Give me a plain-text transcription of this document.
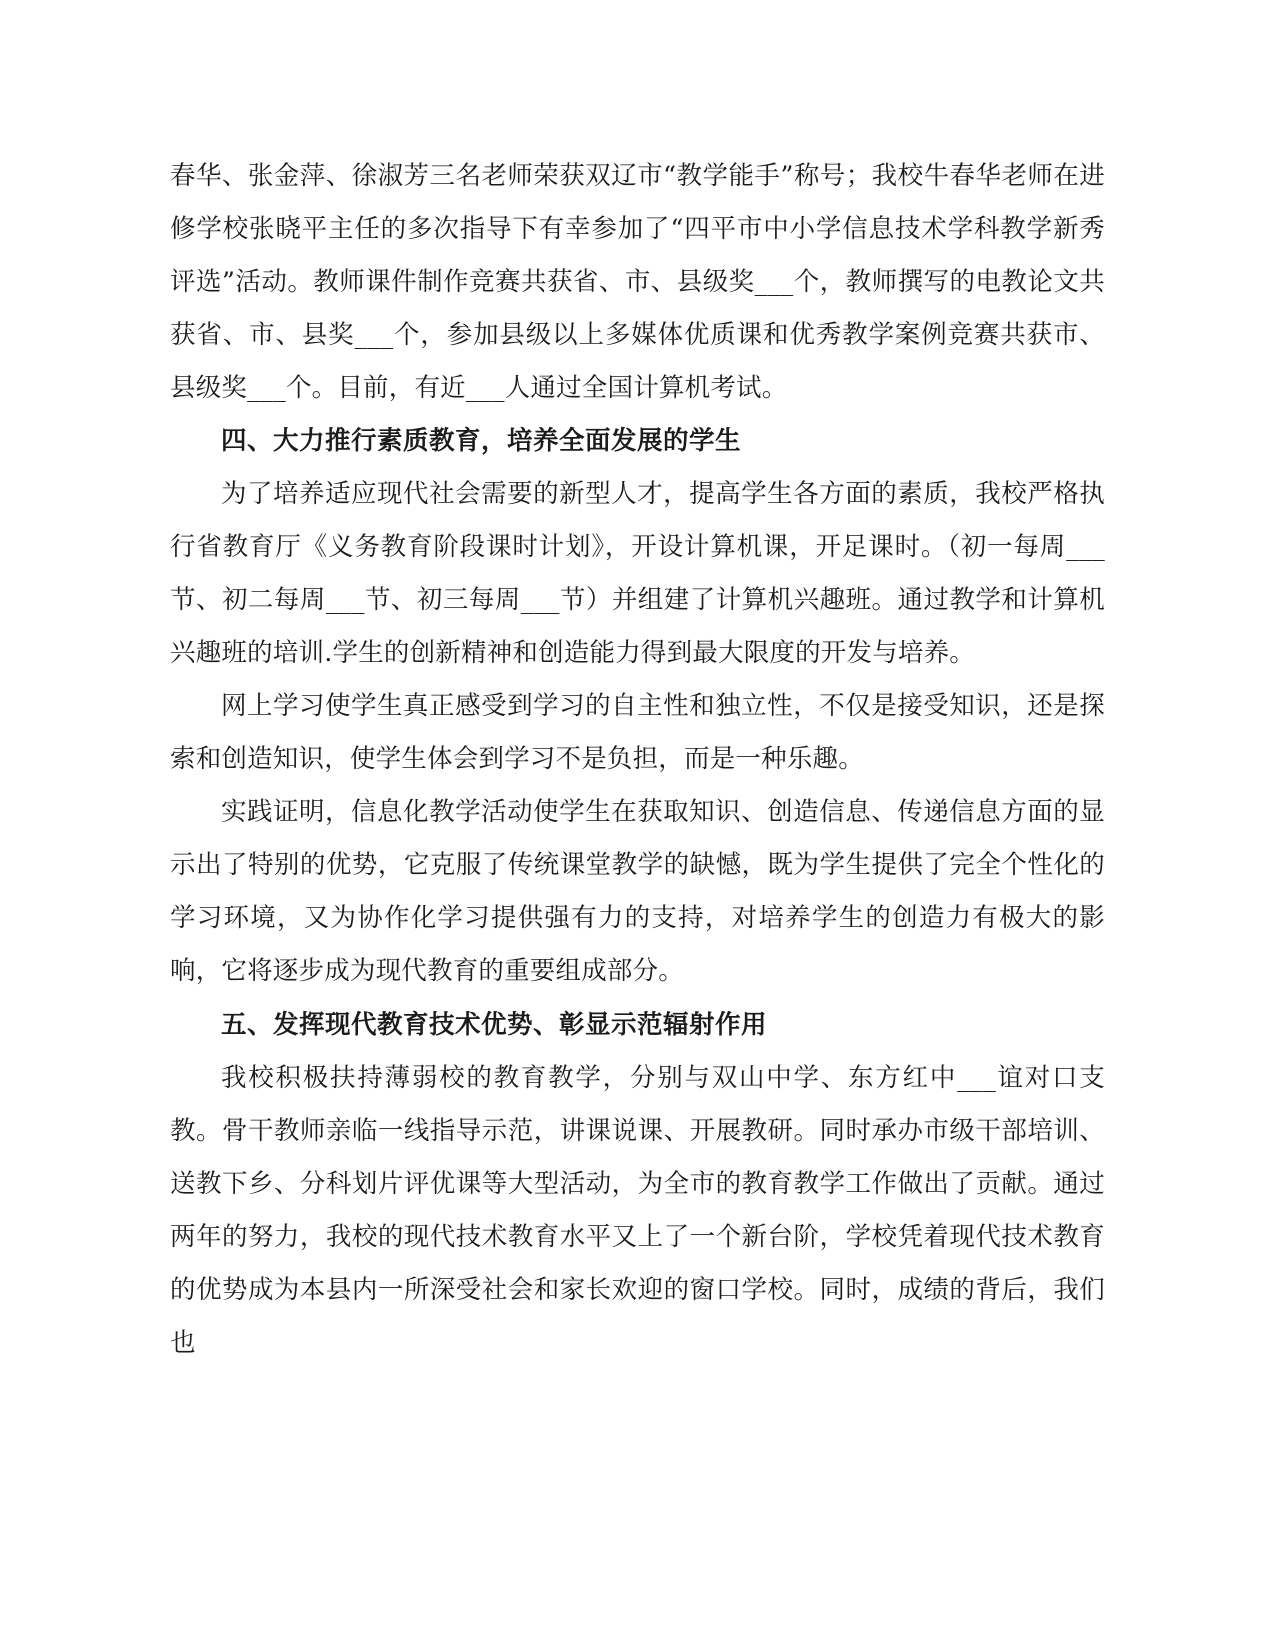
春华、张金萍、徐淑芳三名老师荣获双辽市“教学能手”称号；我校牛春华老师在进修学校张晓平主任的多次指导下有幸参加了“四平市中小学信息技术学科教学新秀评选”活动。教师课件制作竞赛共获省、市、县级奖___个，教师撰写的电教论文共获省、市、县奖___个，参加县级以上多媒体优质课和优秀教学案例竞赛共获市、县级奖___个。目前，有近___人通过全国计算机考试。

四、大力推行素质教育，培养全面发展的学生

为了培养适应现代社会需要的新型人才，提高学生各方面的素质，我校严格执行省教育厅《义务教育阶段课时计划》，开设计算机课，开足课时。（初一每周___节、初二每周___节、初三每周___节）并组建了计算机兴趣班。通过教学和计算机兴趣班的培训.学生的创新精神和创造能力得到最大限度的开发与培养。

网上学习使学生真正感受到学习的自主性和独立性，不仅是接受知识，还是探索和创造知识，使学生体会到学习不是负担，而是一种乐趣。

实践证明，信息化教学活动使学生在获取知识、创造信息、传递信息方面的显示出了特别的优势，它克服了传统课堂教学的缺憾，既为学生提供了完全个性化的学习环境，又为协作化学习提供强有力的支持，对培养学生的创造力有极大的影响，它将逐步成为现代教育的重要组成部分。

五、发挥现代教育技术优势、彰显示范辐射作用

我校积极扶持薄弱校的教育教学，分别与双山中学、东方红中___谊对口支教。骨干教师亲临一线指导示范，讲课说课、开展教研。同时承办市级干部培训、送教下乡、分科划片评优课等大型活动，为全市的教育教学工作做出了贡献。通过两年的努力，我校的现代技术教育水平又上了一个新台阶，学校凭着现代技术教育的优势成为本县内一所深受社会和家长欢迎的窗口学校。同时，成绩的背后，我们也
